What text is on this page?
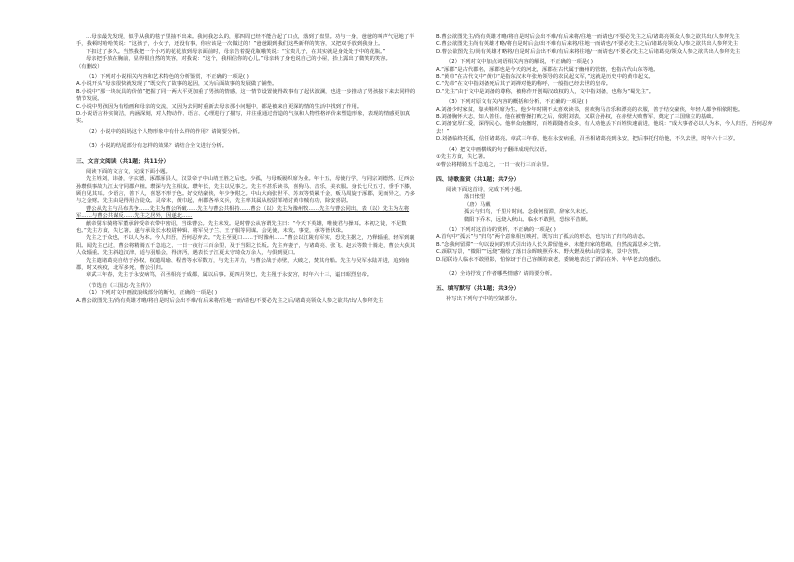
…母亲最先发现，似乎从我的毯子里抽不出来。我问我怎么的，那四周已经不能合起了口点，落到了盘里。功与一身，爸爸的叫声气冠地了半手，我顿时哈哈笑说：“这孩子，小女子，还没有事，你应该是一次做过的！”爸爸跟到我们这些新样的笑容，又把双手放到我身上。

下扣过了多久。当然我把一个小巧的花花放到母亲面前时，母亲告着提花瓶哦笑说：“宝贵儿子，在其实就是身处处于中的花瓶。”

母亲把手放在胸前，显得很自然的笑容，对我说：“这个，我相信你的心儿。”母亲转了身也说自己的小屋，抬上露出了微笑的笑容。

（有删改）

（1）下列对小说相关内容和艺术特色的分析鉴赏，不正确的一项是( )

A.小说开头“母亲很快就发现了”既交代了故事的起因，又为后面故事的发展做了铺垫。

B.小说中“那一块玩具的价值”把握了同一两大平更加重了男孩的情感，这一情节设置使得故事有了起伏波澜，也进一步推动了男孩接下来去同样的情节发展。

C.小说中男孩因为有绘画和母亲的交流，又因为去同时重新去母亲那小问题中，都是被来自更深的情的生活中找到了作用。

D.小说语言朴实简洁，内涵深刻，对人物动作、语言、心理进行了描写，并注重通过营造的气氛和人物性格评价来塑造形象，表现的情感更加真实。

（2）小说中的妈妈这个人物形象中有什么样的作用？请简要分析。

（3）小说的结尾部分有怎样的效果？请结合全文进行分析。

三、文言文阅读（共1题；共11分）

阅读下面的文言文，完成下面小题。

先主姓刘，讳备，字玄德，涿郡涿县人，汉景帝子中山靖王胜之后也。少孤，与母贩履织席为业。年十五，母使行学，与同宗刘德然、辽西公孙瓒俱事故九江太守同郡卢植。瓒深与先主相友。瓒年长，先主以兄事之。先主不甚乐读书，喜狗马、音乐，美衣服。身长七尺五寸，垂手下膝，顾自见其耳。少语言，善下人，喜怒不形于色。好交结豪侠，年少争附之。中山大商张世平、苏双等赀累千金，贩马周旋于涿郡，见而异之，乃多与之金财。先主由是得用合徒众。灵帝末，黄巾起，州郡各举义兵，先主率其属从校尉邹靖讨黄巾贼有功，除安喜尉。

曹公从先主与吕布共争……先主为曹公所破……先主与曹公共相持……曹公（以）先主为豫州牧……先主与曹公同出，表（以）先主为左将军……与曹公共谋反……先主之居外，因遂北……

献帝舅车骑将军董承辞受帝衣带中密诏，当诛曹公。先主未发。是时曹公从容谓先主曰：“今天下英雄，唯使君与操耳。本初之徒，不足数也。”先主方食，失匕箸。遂与承及长水校尉种辑、将军吴子兰、王子服等同谋。会见使，未发。事觉，承等皆伏诛。

先主之于众也，不以人为本。今人归吾，吾何忍弃去。“先主至夏口……于时豫州……”曹公以江陵有军实，恐先主据之，乃释辎重，轻军到襄阳。闻先主已过，曹公将精骑五千急追之，一日一夜行三百余里，及于当阳之长坂。先主弃妻子，与诸葛亮、张飞、赵云等数十骑走，曹公大获其人众辎重。先主斜趋汉津，适与羽船会，得济沔，遇表长子江夏太守琦众万余人，与俱到夏口。

先主遣诸葛亮自结于孙权，权遣周瑜、程普等水军数万，与先主并力，与曹公战于赤壁，大破之，焚其舟船。先主与吴军水陆并进，追到南郡，时又疾疫，北军多死，曹公引归。

章武三年春，先主于永安病笃，召丞相亮于成都，属以后事。夏四月癸巳，先主殂于永安宫，时年六十三，谥曰昭烈皇帝。

（节选自《三国志·先主传》）

（1）下列对文中画波浪线部分的断句，正确的一项是( )

A.曹公欲图先主/尚有英雄才略/将自是时后会出不难/有后来将/往地一而/请也/不要必先主之后/诸葛亮领众人参之欲共/出/人参拜先主

B.曹公欲图先主/尚有英雄才略/将自是时后会出不难/有后来将/往地一而请也/不要必先主之后/诸葛亮领众人参之欲共出/人参拜先主

C.曹公欲图先主尚有英雄才略/将自是时后会/出不难有后来将/往地一而请也/不要必先主之后/诸葛亮领众人/参之欲共出人参拜先主

D.曹公欲图先主/尚有英雄才略将/自是时后会出不难/有后来将往地/一而请也/不要必/先主之后诸葛亮/领众人参之欲共出人参拜先主

（2）下列对文中加点词语相关内容的解说，不正确的一项是( )

A.“涿郡”是古代郡名，涿郡也是今天的河北，涿郡在古代属于幽州的管辖，也指古代山东等地。

B.“黄巾”在古代文中“黄巾“是指东汉末年张角领导的农民起义军，”这就是历史中的黄巾起义。

C.“先帝”在文中指刘备死后其子刘禅对他的称呼，一般指已经去世的皇帝。

D.“先主”由于文中是刘备的尊称，被称作开创蜀汉政权的人，文中指刘备，也称为“蜀先主”。

（3）下列对原文有关内容的概括和分析，不正确的一项是( )

A.刘备少时家贫，靠卖鞋织席为生。他少年时期不太喜欢读书，喜欢狗马音乐和漂亮的衣服，善于结交豪侠，年轻人都争相依附他。

B.刘备胸怀大志，知人善任。他在被曹操打败之后，依附刘表，又联合孙权，在赤壁大败曹军，奠定了三国鼎立的基础。

C.刘备宽厚仁爱，深得民心。他率众南撤时，百姓跟随者众多，有人劝他丢下百姓快速前进，他说：“成大事者必以人为本，今人归吾，吾何忍弃去！”

D.刘备临终托孤，信任诸葛亮。章武三年春，他在永安病重，召丞相诸葛亮到永安，把后事托付给他，不久去世，时年六十三岁。

（4）把文中画横线的句子翻译成现代汉语。

①先主方食，失匕箸。

②曹公将精骑五千急追之，一日一夜行三百余里。

四、诗歌鉴赏（共1题；共7分）

阅读下面这首诗，完成下列小题。

落日怅望

（唐）马戴

孤云与归鸟，千里片时间。念我何留滞，辞家久未还。

微阳下乔木，远烧入秋山。临水不敢照，恐惊平昔颜。

（1）下列对这首诗的赏析，不正确的一项是( )

A.首句中“孤云”与“归鸟”两个意象相互映衬，既写出了孤云的形态，也写出了归鸟的动态。

B.“念我何留滞”一句以设问的形式引出诗人长久滞留他乡、未能归家的愁绪，自然流露思乡之情。

C.颈联写景，“微阳”“远烧”描绘了落日余晖映照乔木、野火燃及秋山的景象，景中含情。

D.尾联诗人临水不敢照影，怕惊讶于自己容颜的衰老，委婉地表达了漂泊在外、年华老去的感伤。

（2）全诗抒发了作者哪些情感？请简要分析。

五、填写默写（共1题；共3分）

补写出下列句子中的空缺部分。
